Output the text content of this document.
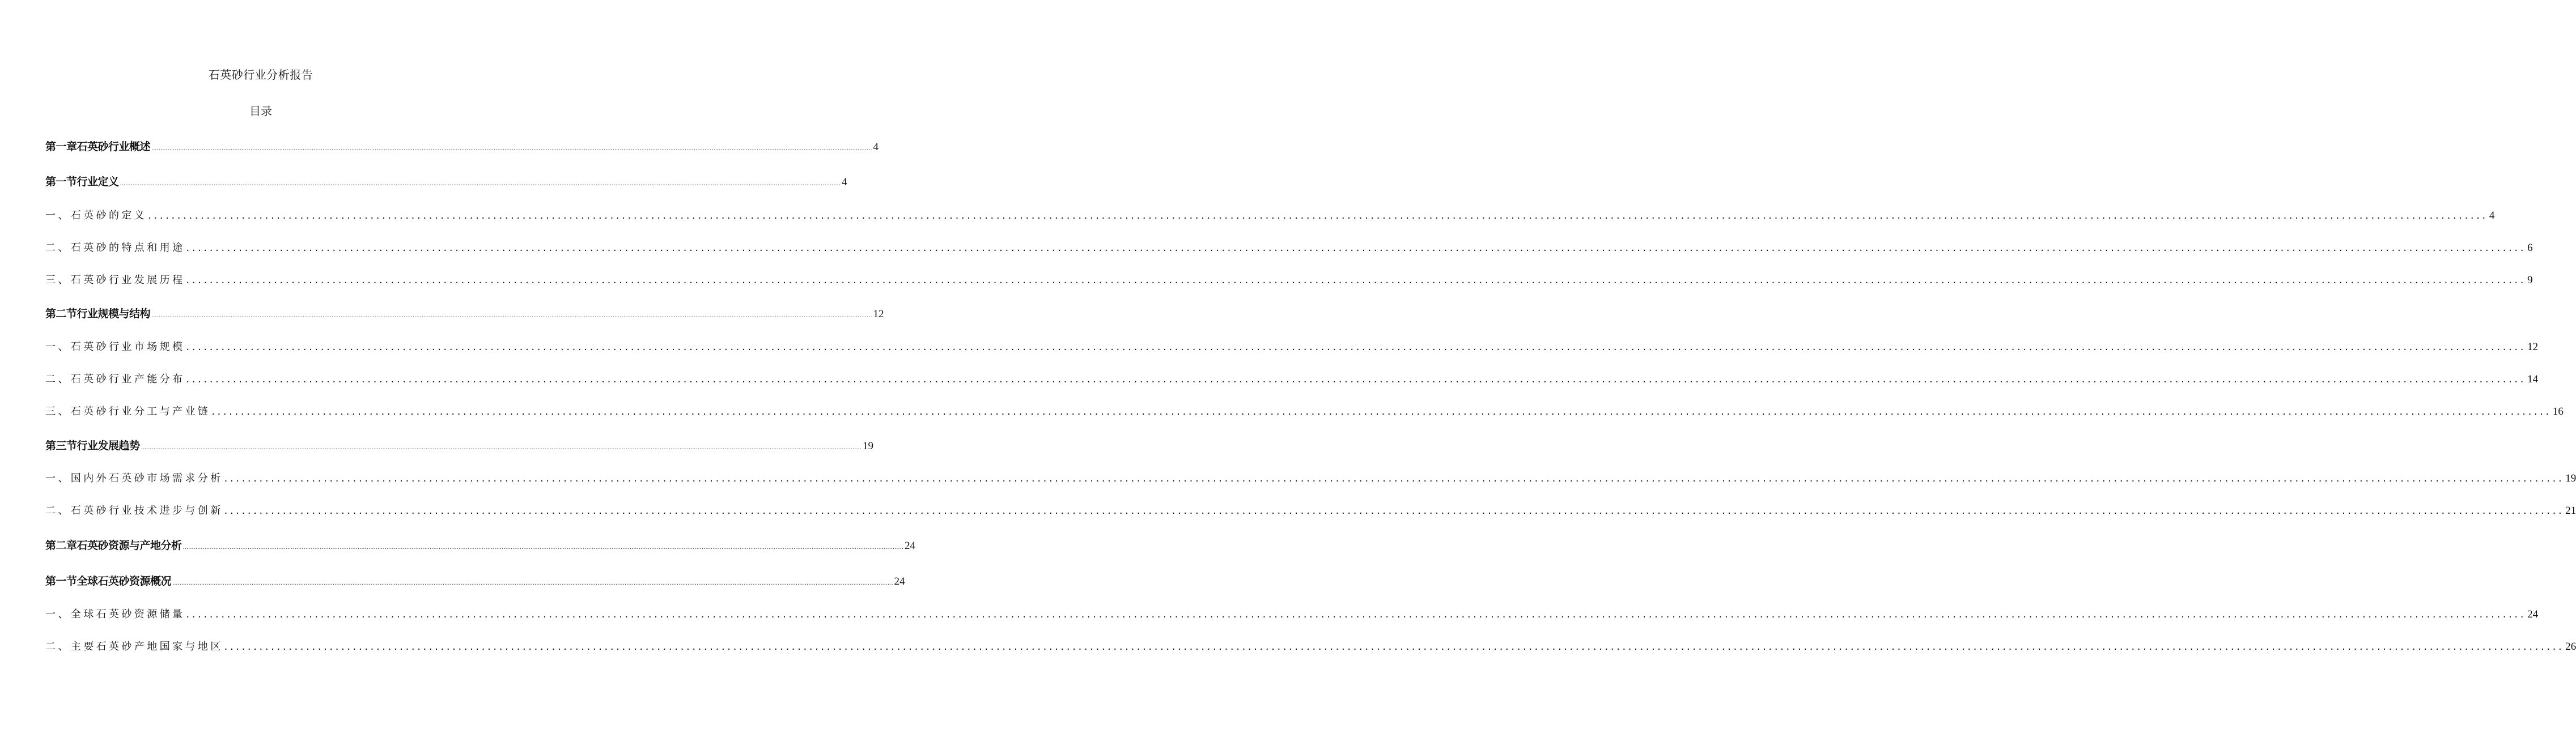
石英砂行业分析报告
目录
第一章石英砂行业概述 ................................................................................................................................................................................................................................................................................................................................................................................................................ 4
第一节行业定义 ................................................................................................................................................................................................................................................................................................................................................................................................................ 4
一、石英砂的定义 ................................................................................................................................................................................................................................................................................................................................................................................................................ 4
二、石英砂的特点和用途 ................................................................................................................................................................................................................................................................................................................................................................................................................ 6
三、石英砂行业发展历程 ................................................................................................................................................................................................................................................................................................................................................................................................................ 9
第二节行业规模与结构 ................................................................................................................................................................................................................................................................................................................................................................................................................ 12
一、石英砂行业市场规模 ................................................................................................................................................................................................................................................................................................................................................................................................................ 12
二、石英砂行业产能分布 ................................................................................................................................................................................................................................................................................................................................................................................................................ 14
三、石英砂行业分工与产业链 ................................................................................................................................................................................................................................................................................................................................................................................................................ 16
第三节行业发展趋势 ................................................................................................................................................................................................................................................................................................................................................................................................................ 19
一、国内外石英砂市场需求分析 ................................................................................................................................................................................................................................................................................................................................................................................................................ 19
二、石英砂行业技术进步与创新 ................................................................................................................................................................................................................................................................................................................................................................................................................ 21
第二章石英砂资源与产地分析 ................................................................................................................................................................................................................................................................................................................................................................................................................ 24
第一节全球石英砂资源概况 ................................................................................................................................................................................................................................................................................................................................................................................................................ 24
一、全球石英砂资源储量 ................................................................................................................................................................................................................................................................................................................................................................................................................ 24
二、主要石英砂产地国家与地区 ................................................................................................................................................................................................................................................................................................................................................................................................................ 26
